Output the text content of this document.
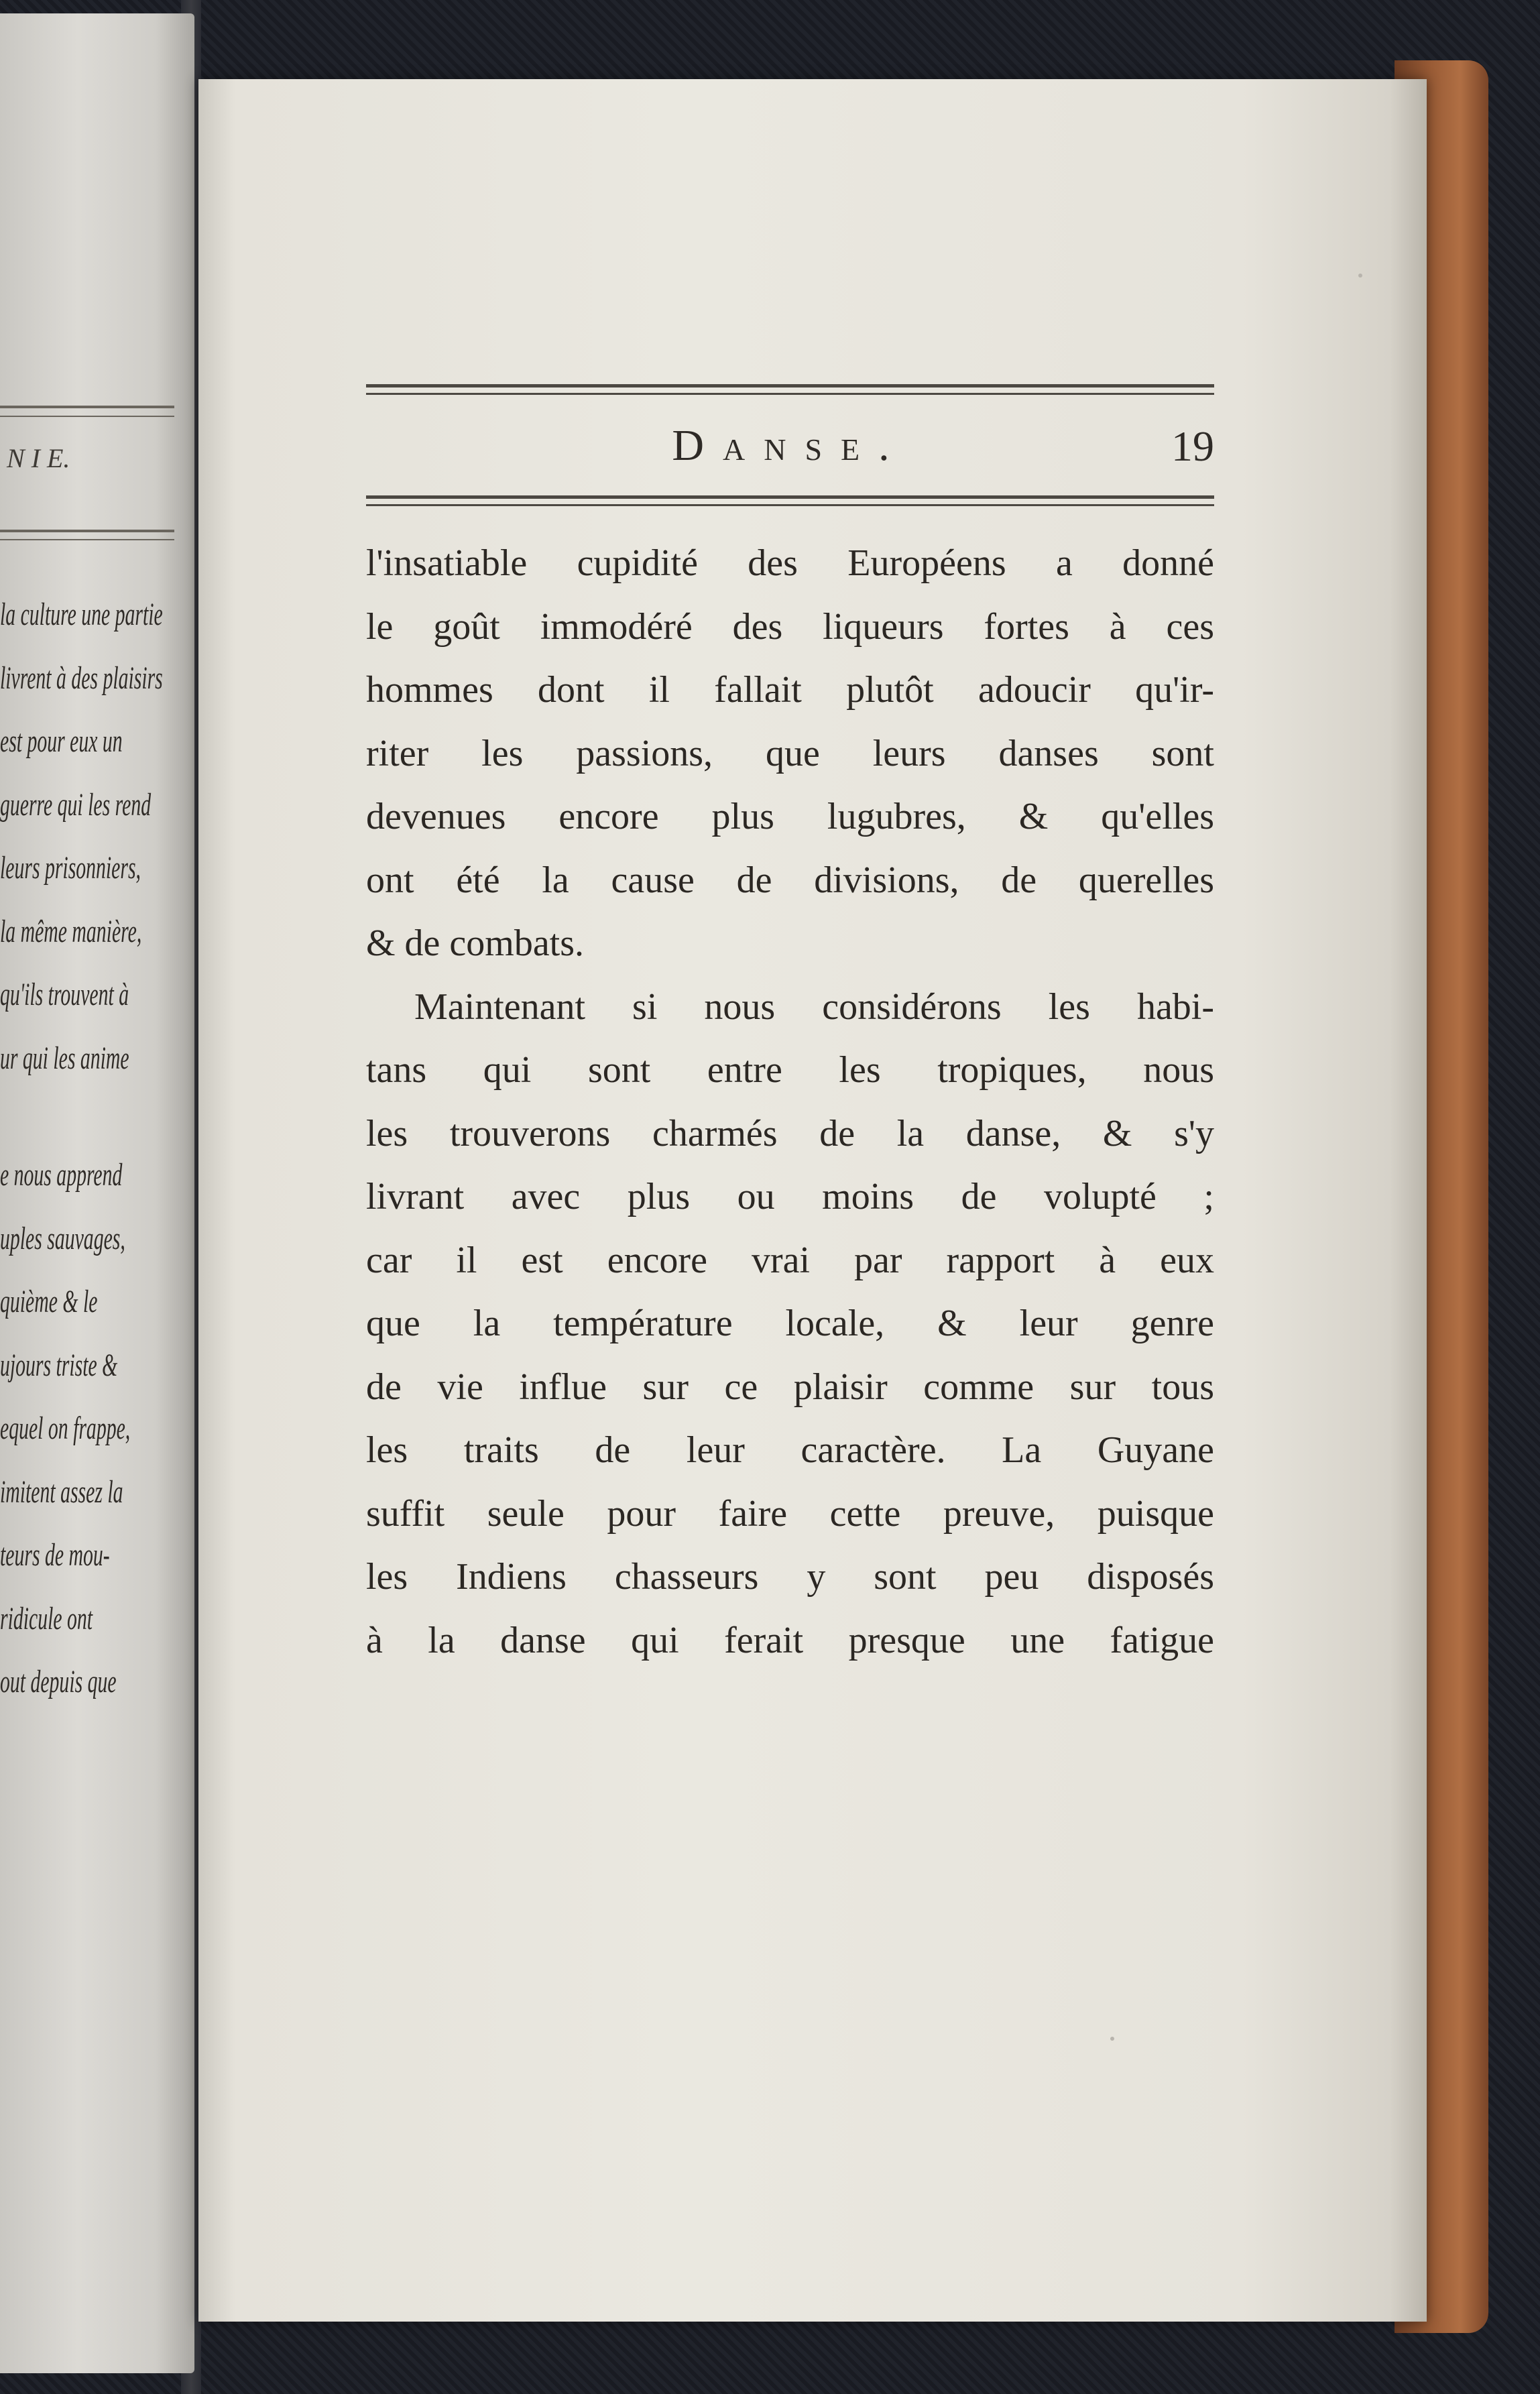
N I E.
la culture une partie
livrent à des plaisirs
est pour eux un
guerre qui les rend
leurs prisonniers,
la même manière,
qu'ils trouvent à
ur qui les anime
e nous apprend
uples sauvages,
quième & le
ujours triste &
equel on frappe,
imitent assez la
teurs de mou-
ridicule ont
out depuis que
Danse.	19
l'insatiable cupidité des Européens a donné
le goût immodéré des liqueurs fortes à ces
hommes dont il fallait plutôt adoucir qu'ir-
riter les passions, que leurs danses sont
devenues encore plus lugubres, & qu'elles
ont été la cause de divisions, de querelles
& de combats.
Maintenant si nous considérons les habi-
tans qui sont entre les tropiques, nous
les trouverons charmés de la danse, & s'y
livrant avec plus ou moins de volupté ;
car il est encore vrai par rapport à eux
que la température locale, & leur genre
de vie influe sur ce plaisir comme sur tous
les traits de leur caractère. La Guyane
suffit seule pour faire cette preuve, puisque
les Indiens chasseurs y sont peu disposés
à la danse qui ferait presque une fatigue
